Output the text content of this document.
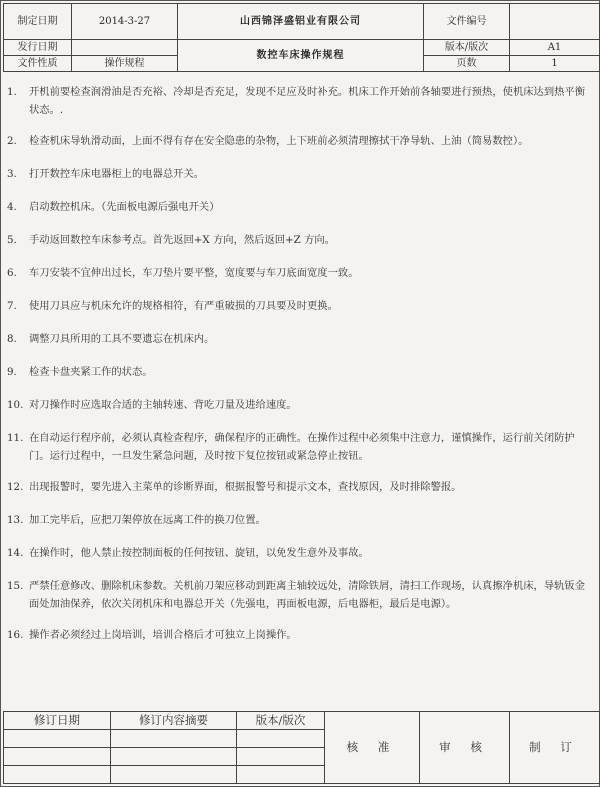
制定日期	2014-3-27	山西锦泽盛铝业有限公司	文件编号	

发行日期		数控车床操作规程	版本/版次	A1
文件性质	操作规程		页数	1
1.	开机前要检查润滑油是否充裕、冷却是否充足，发现不足应及时补充。机床工作开始前各轴要进行预热，使机床达到热平衡状态。.
2.	检查机床导轨滑动面，上面不得有存在安全隐患的杂物，上下班前必须清理擦拭干净导轨、上油（简易数控）。
3.	打开数控车床电器柜上的电器总开关。
4.	启动数控机床。（先面板电源后强电开关）
5.	手动返回数控车床参考点。首先返回+X 方向，然后返回+Z 方向。
6.	车刀安装不宜伸出过长，车刀垫片要平整，宽度要与车刀底面宽度一致。
7.	使用刀具应与机床允许的规格相符，有严重破损的刀具要及时更换。
8.	调整刀具所用的工具不要遗忘在机床内。
9.	检查卡盘夹紧工作的状态。
10. 对刀操作时应选取合适的主轴转速、背吃刀量及进给速度。
11. 在自动运行程序前，必须认真检查程序，确保程序的正确性。在操作过程中必须集中注意力，谨慎操作，运行前关闭防护门。运行过程中，一旦发生紧急问题，及时按下复位按钮或紧急停止按钮。
12. 出现报警时，要先进入主菜单的诊断界面，根据报警号和提示文本，查找原因，及时排除警报。
13. 加工完毕后，应把刀架停放在远离工件的换刀位置。
14. 在操作时，他人禁止按控制面板的任何按钮、旋钮，以免发生意外及事故。
15. 严禁任意修改、删除机床参数。关机前刀架应移动到距离主轴较远处，清除铁屑，清扫工作现场，认真擦净机床，导轨钣金面处加油保养，依次关闭机床和电器总开关（先强电，再面板电源，后电器柜，最后是电源）。
16. 操作者必须经过上岗培训，培训合格后才可独立上岗操作。
修订日期	修订内容摘要	版本/版次	核 准	审 核	制 订
